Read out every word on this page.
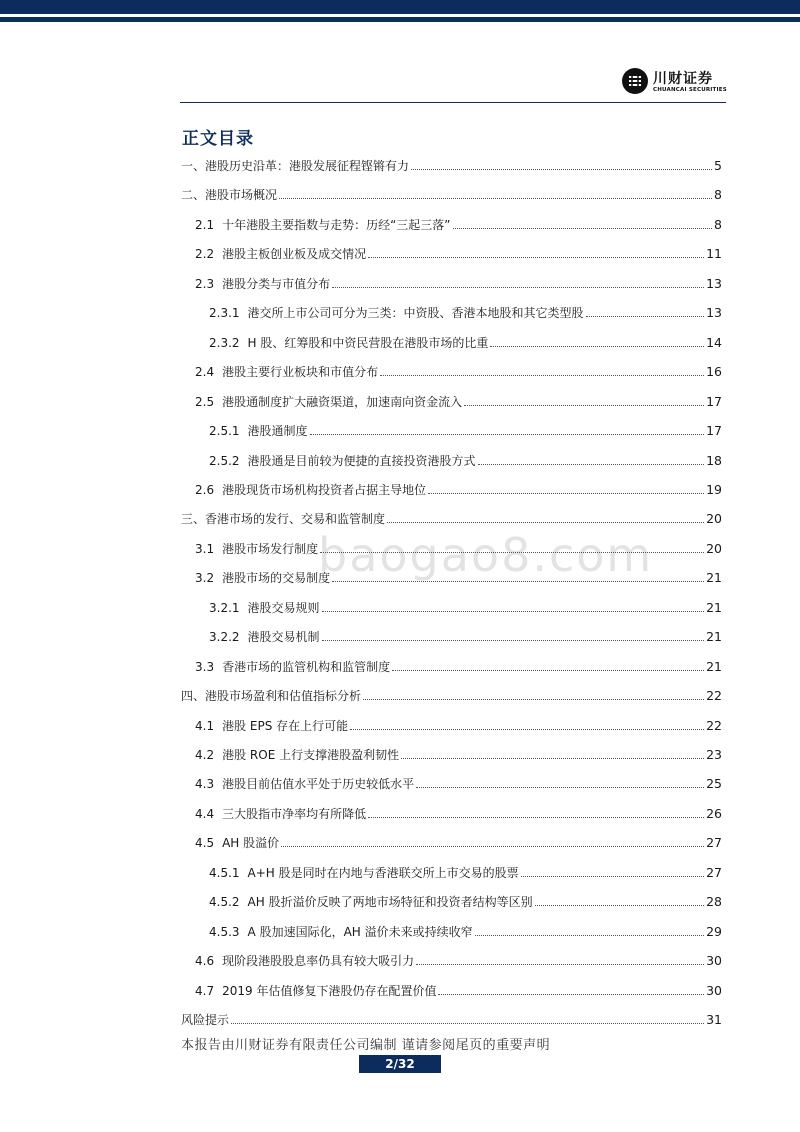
川财证券
CHUANCAI SECURITIES
正文目录
baogao8.com
一、港股历史沿革：港股发展征程铿锵有力	5
二、港股市场概况	8
2.1 十年港股主要指数与走势：历经“三起三落”	8
2.2 港股主板创业板及成交情况	11
2.3 港股分类与市值分布	13
2.3.1 港交所上市公司可分为三类：中资股、香港本地股和其它类型股	13
2.3.2 H 股、红筹股和中资民营股在港股市场的比重	14
2.4 港股主要行业板块和市值分布	16
2.5 港股通制度扩大融资渠道，加速南向资金流入	17
2.5.1 港股通制度	17
2.5.2 港股通是目前较为便捷的直接投资港股方式	18
2.6 港股现货市场机构投资者占据主导地位	19
三、香港市场的发行、交易和监管制度	20
3.1 港股市场发行制度	20
3.2 港股市场的交易制度	21
3.2.1 港股交易规则	21
3.2.2 港股交易机制	21
3.3 香港市场的监管机构和监管制度	21
四、港股市场盈利和估值指标分析	22
4.1 港股 EPS 存在上行可能	22
4.2 港股 ROE 上行支撑港股盈利韧性	23
4.3 港股目前估值水平处于历史较低水平	25
4.4 三大股指市净率均有所降低	26
4.5 AH 股溢价	27
4.5.1 A+H 股是同时在内地与香港联交所上市交易的股票	27
4.5.2 AH 股折溢价反映了两地市场特征和投资者结构等区别	28
4.5.3 A 股加速国际化，AH 溢价未来或持续收窄	29
4.6 现阶段港股股息率仍具有较大吸引力	30
4.7 2019 年估值修复下港股仍存在配置价值	30
风险提示	31
本报告由川财证券有限责任公司编制 谨请参阅尾页的重要声明
2/32
